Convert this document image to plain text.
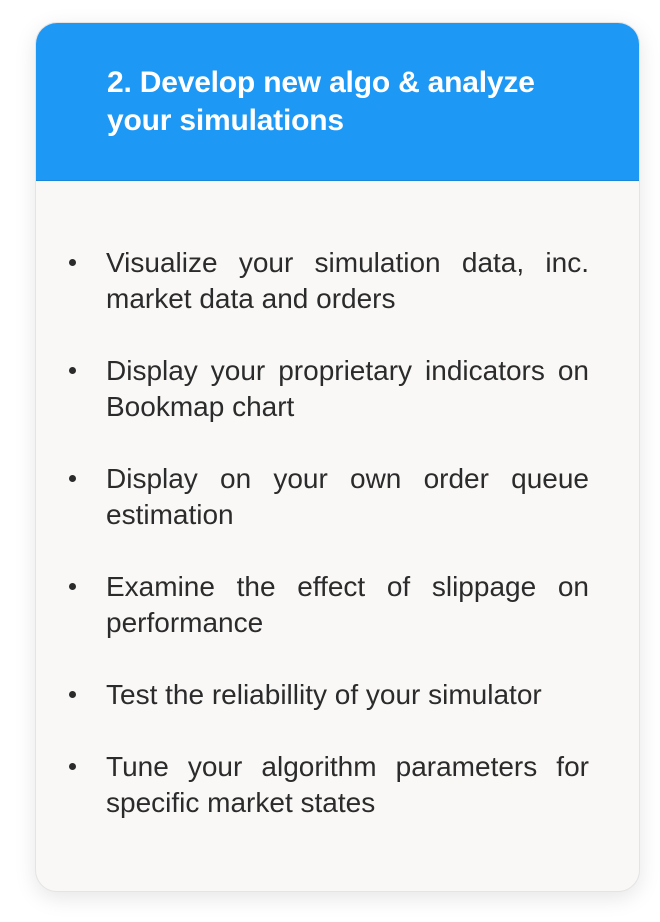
2. Develop new algo & analyze your simulations
Visualize your simulation data, inc. market data and orders
Display your proprietary indicators on Bookmap chart
Display on your own order queue estimation
Examine the effect of slippage on performance
Test the reliabillity of your simulator
Tune your algorithm parameters for specific market states
